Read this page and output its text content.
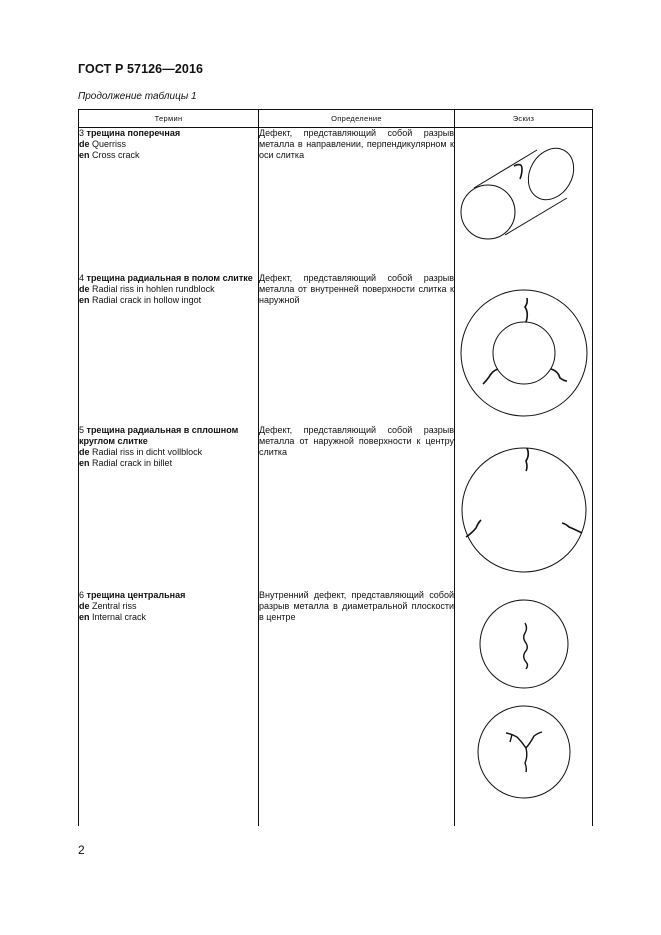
ГОСТ Р 57126—2016
Продолжение таблицы 1
Термин	Определение	Эскиз

3 трещина поперечная
de Querriss
en Cross crack	Дефект, представляющий собой разрыв металла в направлении, перпендикулярном к оси слитка	

4 трещина радиальная в полом слитке
de Radial riss in hohlen rundblock
en Radial crack in hollow ingot	Дефект, представляющий собой разрыв металла от внутренней поверхности слитка к наружной	

5 трещина радиальная в сплошном круглом слитке
de Radial riss in dicht vollblock
en Radial crack in billet	Дефект, представляющий собой разрыв металла от наружной поверхности к центру слитка	

6 трещина центральная
de Zentral riss
en Internal crack	Внутренний дефект, представляющий собой разрыв металла в диаметральной плоскости в центре	
2
